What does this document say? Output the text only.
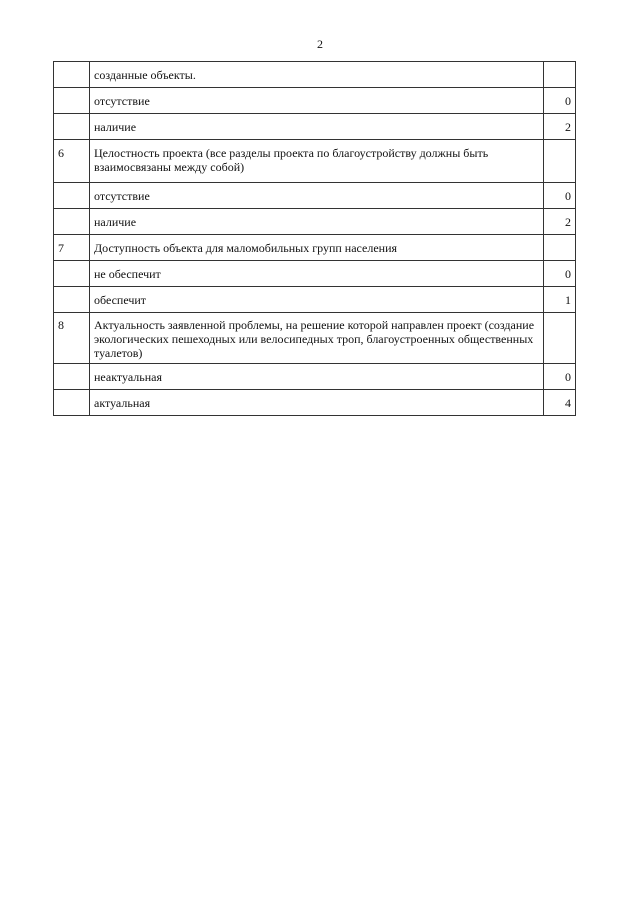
2

	созданные объекты.	

	отсутствие	0

	наличие	2

6	Целостность проекта (все разделы проекта по благоустройству должны быть взаимосвязаны между собой)	

	отсутствие	0

	наличие	2

7	Доступность объекта для маломобильных групп населения	

	не обеспечит	0

	обеспечит	1

8	Актуальность заявленной проблемы, на решение которой направлен проект (создание экологических пешеходных или велосипедных троп, благоустроенных общественных туалетов)	

	неактуальная	0

	актуальная	4
